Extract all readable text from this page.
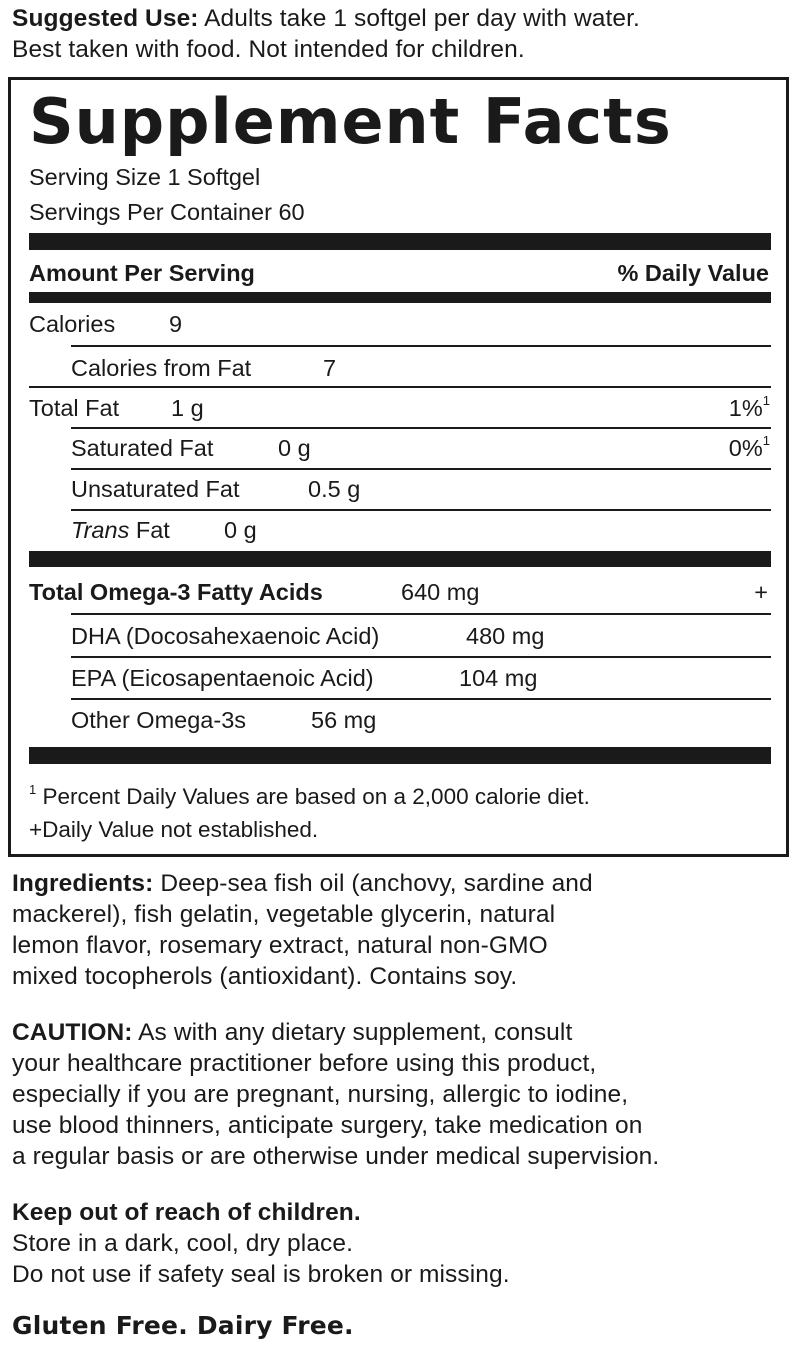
Suggested Use: Adults take 1 softgel per day with water.
Best taken with food. Not intended for children.
Supplement Facts
Serving Size 1 Softgel
Servings Per Container 60
Amount Per Serving	% Daily Value
Calories 9
Calories from Fat	7
Total Fat 1 g	1%$^1$
Saturated Fat	0 g	0%$^1$
Unsaturated Fat	0.5 g
Trans Fat 0 g
Total Omega-3 Fatty Acids	640 mg	+
DHA (Docosahexaenoic Acid)	480 mg
EPA (Eicosapentaenoic Acid)	104 mg
Other Omega-3s	56 mg
$^1$ Percent Daily Values are based on a 2,000 calorie diet.
+Daily Value not established.
Ingredients: Deep-sea fish oil (anchovy, sardine and
mackerel), fish gelatin, vegetable glycerin, natural
lemon flavor, rosemary extract, natural non-GMO
mixed tocopherols (antioxidant). Contains soy.
CAUTION: As with any dietary supplement, consult
your healthcare practitioner before using this product,
especially if you are pregnant, nursing, allergic to iodine,
use blood thinners, anticipate surgery, take medication on
a regular basis or are otherwise under medical supervision.
Keep out of reach of children.
Store in a dark, cool, dry place.
Do not use if safety seal is broken or missing.
Gluten Free. Dairy Free.
